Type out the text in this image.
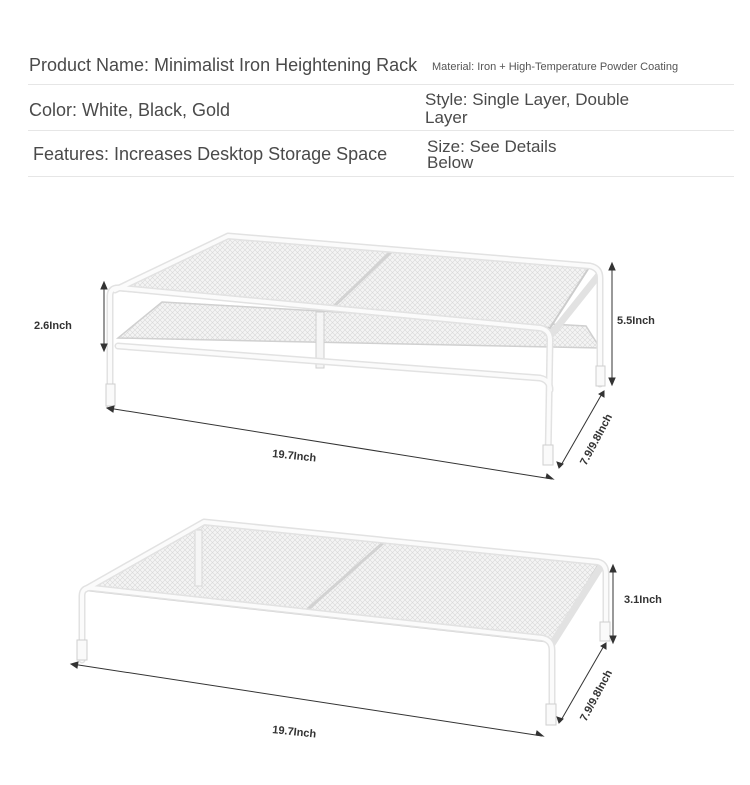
Product Name: Minimalist Iron Heightening Rack Material: Iron + High-Temperature Powder Coating
Color: White, Black, Gold
Style: Single Layer, Double Layer
Features: Increases Desktop Storage Space Size: See Details Below
2.6Inch	5.5Inch
19.7Inch	7.9/9.8Inch
3.1Inch
19.7Inch
7.9/9.8Inch
